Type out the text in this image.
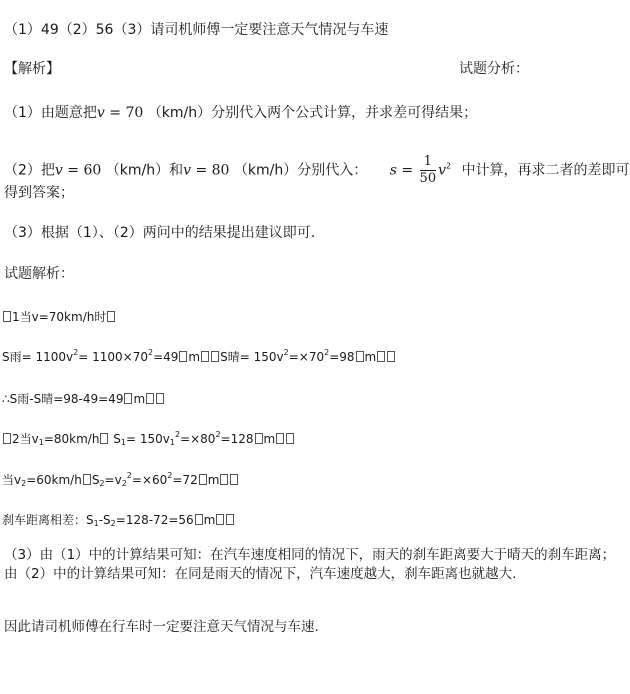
（1）49（2）56（3）请司机师傅一定要注意天气情况与车速
【解析】	试题分析：
（1）由题意把v = 70 （km/h）分别代入两个公式计算，并求差可得结果；
（2）把v = 60 （km/h）和v = 80 （km/h）分别代入： $s = \frac{1}{50} v^2$ 中计算，再求二者的差即可
得到答案；
（3）根据（1）、（2）两问中的结果提出建议即可.
试题解析：
1当v=70km/h时
S雨= $1100v^2= 1100\times 70^2=49$ m S晴= $150v^2=\times 70^2=98$ m
∴S雨-S晴=98-49=49 m
2当$v_1=80km/h$ $S_1= 150v_1^2=\times 80^2=128$ m
当$v_2=60km/h$ $S_2=v_2^2=\times 60^2=72$ m
刹车距离相差：$S_1-S_2=128-72=56$ m
（3）由（1）中的计算结果可知：在汽车速度相同的情况下，雨天的刹车距离要大于晴天的刹车距离；由（2）中的计算结果可知：在同是雨天的情况下，汽车速度越大，刹车距离也就越大.
因此请司机师傅在行车时一定要注意天气情况与车速.
